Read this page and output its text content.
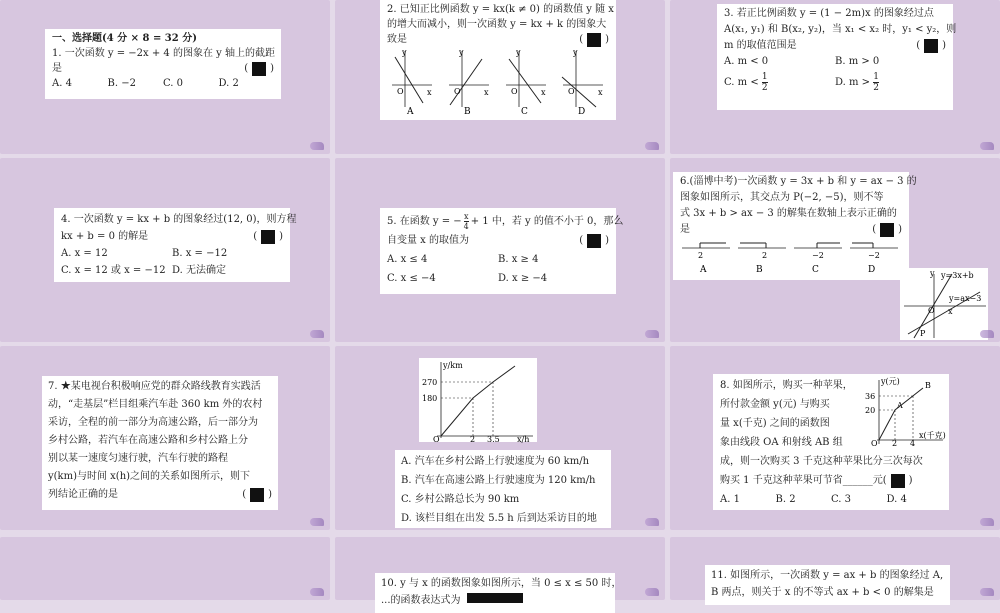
一、选择题(4 分 × 8 = 32 分)
1. 一次函数 y = −2x + 4 的图象在 y 轴上的截距
是	( )
A. 4	B. −2	C. 0	D. 2
2. 已知正比例函数 y = kx(k ≠ 0) 的函数值 y 随 x
的增大而减小，则一次函数 y = kx + k 的图象大
致是	( )
y
x
O
A
y
x
O
B
y
x
O
C
y
x
O
D
3. 若正比例函数 y = (1 − 2m)x 的图象经过点
A(x₁, y₁) 和 B(x₂, y₂)，当 x₁ < x₂ 时，y₁ < y₂，则
m 的取值范围是	( )
A. m < 0	B. m > 0
C. $m < \frac{1}{2}$	D. $m > \frac{1}{2}$
4. 一次函数 y = kx + b 的图象经过(12, 0)，则方程
kx + b = 0 的解是	( )
A. x = 12	B. x = −12
C. x = 12 或 x = −12 D. 无法确定
5. 在函数 y = − $\frac{x}{4} + 1$ 中，若 y 的值不小于 0，那么
自变量 x 的取值为	( )
A. x ≤ 4	B. x ≥ 4
C. x ≤ −4	D. x ≥ −4
6.(淄博中考)一次函数 y = 3x + b 和 y = ax − 3 的
图象如图所示，其交点为 P(−2, −5)，则不等
式 3x + b > ax − 3 的解集在数轴上表示正确的
是	( )
2
A
2
B
−2
C
−2
D	y y=3x+b
y=ax−3
O x
P
7. ★某电视台积极响应党的群众路线教育实践活
动，“走基层”栏目组乘汽车赴 360 km 外的农村
采访，全程的前一部分为高速公路，后一部分为
乡村公路，若汽车在高速公路和乡村公路上分
别以某一速度匀速行驶，汽车行驶的路程
y(km)与时间 x(h)之间的关系如图所示，则下
列结论正确的是	( )
y/km
270
180
O	2 3.5 x/h
A. 汽车在乡村公路上行驶速度为 60 km/h
B. 汽车在高速公路上行驶速度为 120 km/h
C. 乡村公路总长为 90 km
D. 该栏目组在出发 5.5 h 后到达采访目的地
8. 如图所示，购买一种苹果，
所付款金额 y(元) 与购买
量 x(千克) 之间的函数图
象由线段 OA 和射线 AB 组
成，则一次购买 3 千克这种苹果比分三次每次
购买 1 千克这种苹果可节省______元( )
A. 1	B. 2	C. 3	D. 4
y(元)
36
20
A
B
O 2 4
x(千克)
10. y 与 x 的函数图象如图所示，当 0 ≤ x ≤ 50 时，
...的函数表达式为
11. 如图所示，一次函数 y = ax + b 的图象经过 A,
B 两点，则关于 x 的不等式 ax + b < 0 的解集是
